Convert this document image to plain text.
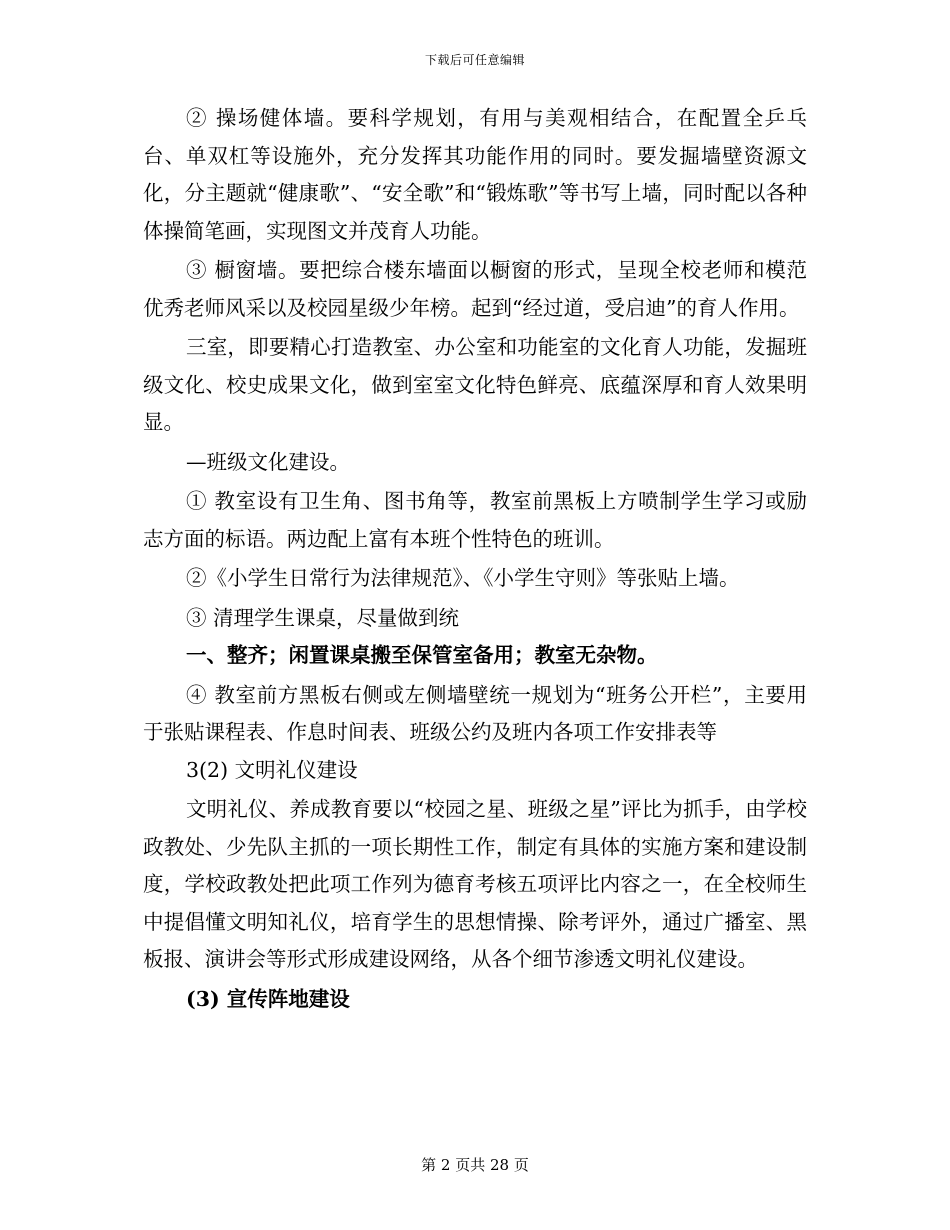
下载后可任意编辑

② 操场健体墙。要科学规划，有用与美观相结合，在配置全乒乓台、单双杠等设施外，充分发挥其功能作用的同时。要发掘墙壁资源文化，分主题就“健康歌”、“安全歌”和“锻炼歌”等书写上墙，同时配以各种体操简笔画，实现图文并茂育人功能。

③ 橱窗墙。要把综合楼东墙面以橱窗的形式，呈现全校老师和模范优秀老师风采以及校园星级少年榜。起到“经过道，受启迪”的育人作用。

三室，即要精心打造教室、办公室和功能室的文化育人功能，发掘班级文化、校史成果文化，做到室室文化特色鲜亮、底蕴深厚和育人效果明显。

—班级文化建设。

① 教室设有卫生角、图书角等，教室前黑板上方喷制学生学习或励志方面的标语。两边配上富有本班个性特色的班训。

②《小学生日常行为法律规范》、《小学生守则》等张贴上墙。

③ 清理学生课桌，尽量做到统

一、整齐；闲置课桌搬至保管室备用；教室无杂物。

④ 教室前方黑板右侧或左侧墙壁统一规划为“班务公开栏”，主要用于张贴课程表、作息时间表、班级公约及班内各项工作安排表等

3(2) 文明礼仪建设

文明礼仪、养成教育要以“校园之星、班级之星”评比为抓手，由学校政教处、少先队主抓的一项长期性工作，制定有具体的实施方案和建设制度，学校政教处把此项工作列为德育考核五项评比内容之一，在全校师生中提倡懂文明知礼仪，培育学生的思想情操、除考评外，通过广播室、黑板报、演讲会等形式形成建设网络，从各个细节渗透文明礼仪建设。

(3) 宣传阵地建设

第 2 页共 28 页
